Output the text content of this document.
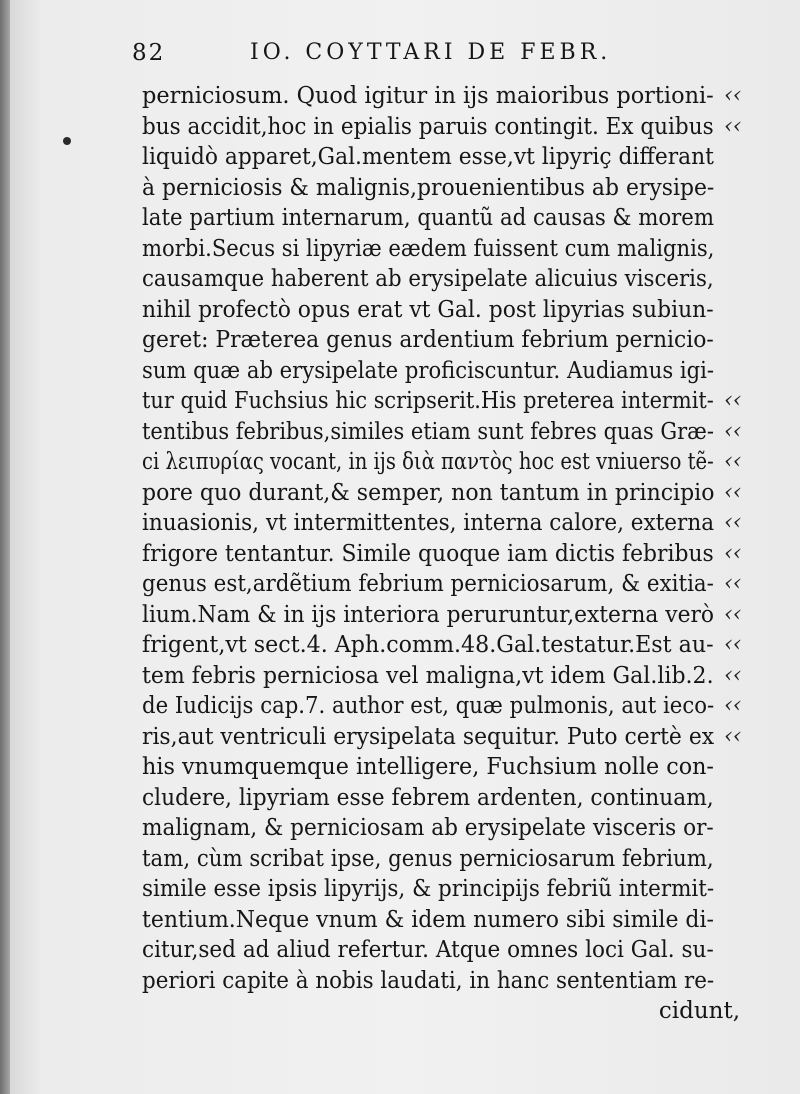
82	IO. COYTTARI DE FEBR.
perniciosum. Quod igitur in ijs maioribus portioni- ‹‹
bus accidit,hoc in epialis paruis contingit. Ex quibus ‹‹
liquidò apparet,Gal.mentem esse,vt lipyriç differant
à perniciosis & malignis,prouenientibus ab erysipe-
late partium internarum, quantũ ad causas & morem
morbi.Secus si lipyriæ eædem fuissent cum malignis,
causamque haberent ab erysipelate alicuius visceris,
nihil profectò opus erat vt Gal. post lipyrias subiun-
geret: Præterea genus ardentium febrium pernicio-
sum quæ ab erysipelate proficiscuntur. Audiamus igi-
tur quid Fuchsius hic scripserit.His preterea intermit- ‹‹
tentibus febribus,similes etiam sunt febres quas Græ- ‹‹
ci λειπυρίας vocant, in ijs διὰ παντὸς hoc est vniuerso tẽ- ‹‹
pore quo durant,& semper, non tantum in principio ‹‹
inuasionis, vt intermittentes, interna calore, externa ‹‹
frigore tentantur. Simile quoque iam dictis febribus ‹‹
genus est,ardẽtium febrium perniciosarum, & exitia- ‹‹
lium.Nam & in ijs interiora peruruntur,externa verò ‹‹
frigent,vt sect.4. Aph.comm.48.Gal.testatur.Est au- ‹‹
tem febris perniciosa vel maligna,vt idem Gal.lib.2. ‹‹
de Iudicijs cap.7. author est, quæ pulmonis, aut ieco- ‹‹
ris,aut ventriculi erysipelata sequitur. Puto certè ex ‹‹
his vnumquemque intelligere, Fuchsium nolle con-
cludere, lipyriam esse febrem ardenten, continuam,
malignam, & perniciosam ab erysipelate visceris or-
tam, cùm scribat ipse, genus perniciosarum febrium,
simile esse ipsis lipyrijs, & principijs febriũ intermit-
tentium.Neque vnum & idem numero sibi simile di-
citur,sed ad aliud refertur. Atque omnes loci Gal. su-
periori capite à nobis laudati, in hanc sententiam re-
cidunt,
